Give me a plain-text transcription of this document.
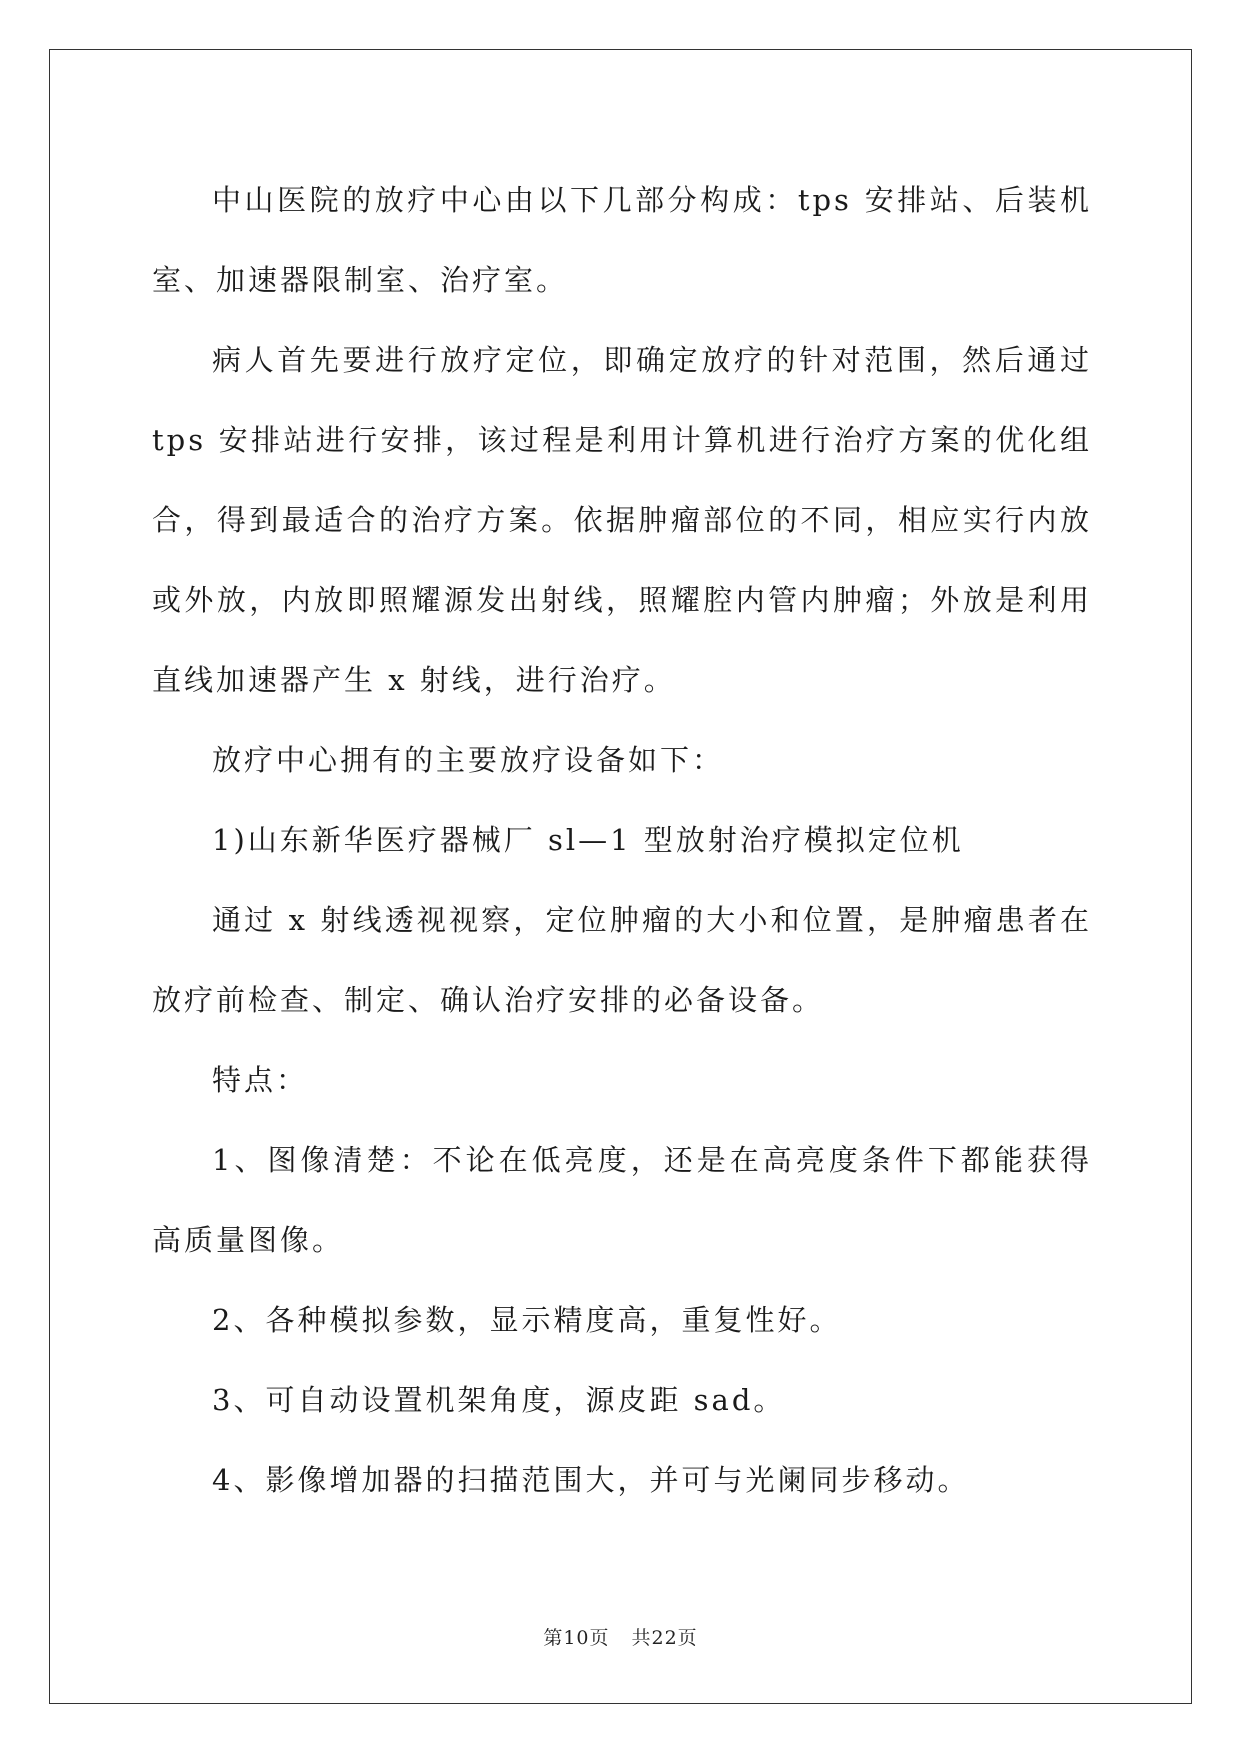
中山医院的放疗中心由以下几部分构成：tps 安排站、后装机室、加速器限制室、治疗室。

病人首先要进行放疗定位，即确定放疗的针对范围，然后通过 tps 安排站进行安排，该过程是利用计算机进行治疗方案的优化组合，得到最适合的治疗方案。依据肿瘤部位的不同，相应实行内放或外放，内放即照耀源发出射线，照耀腔内管内肿瘤；外放是利用直线加速器产生 x 射线，进行治疗。

放疗中心拥有的主要放疗设备如下：

1)山东新华医疗器械厂 sl—1 型放射治疗模拟定位机

通过 x 射线透视视察，定位肿瘤的大小和位置，是肿瘤患者在放疗前检查、制定、确认治疗安排的必备设备。

特点：

1、图像清楚：不论在低亮度，还是在高亮度条件下都能获得高质量图像。

2、各种模拟参数，显示精度高，重复性好。

3、可自动设置机架角度，源皮距 sad。

4、影像增加器的扫描范围大，并可与光阑同步移动。

第10页 共22页
